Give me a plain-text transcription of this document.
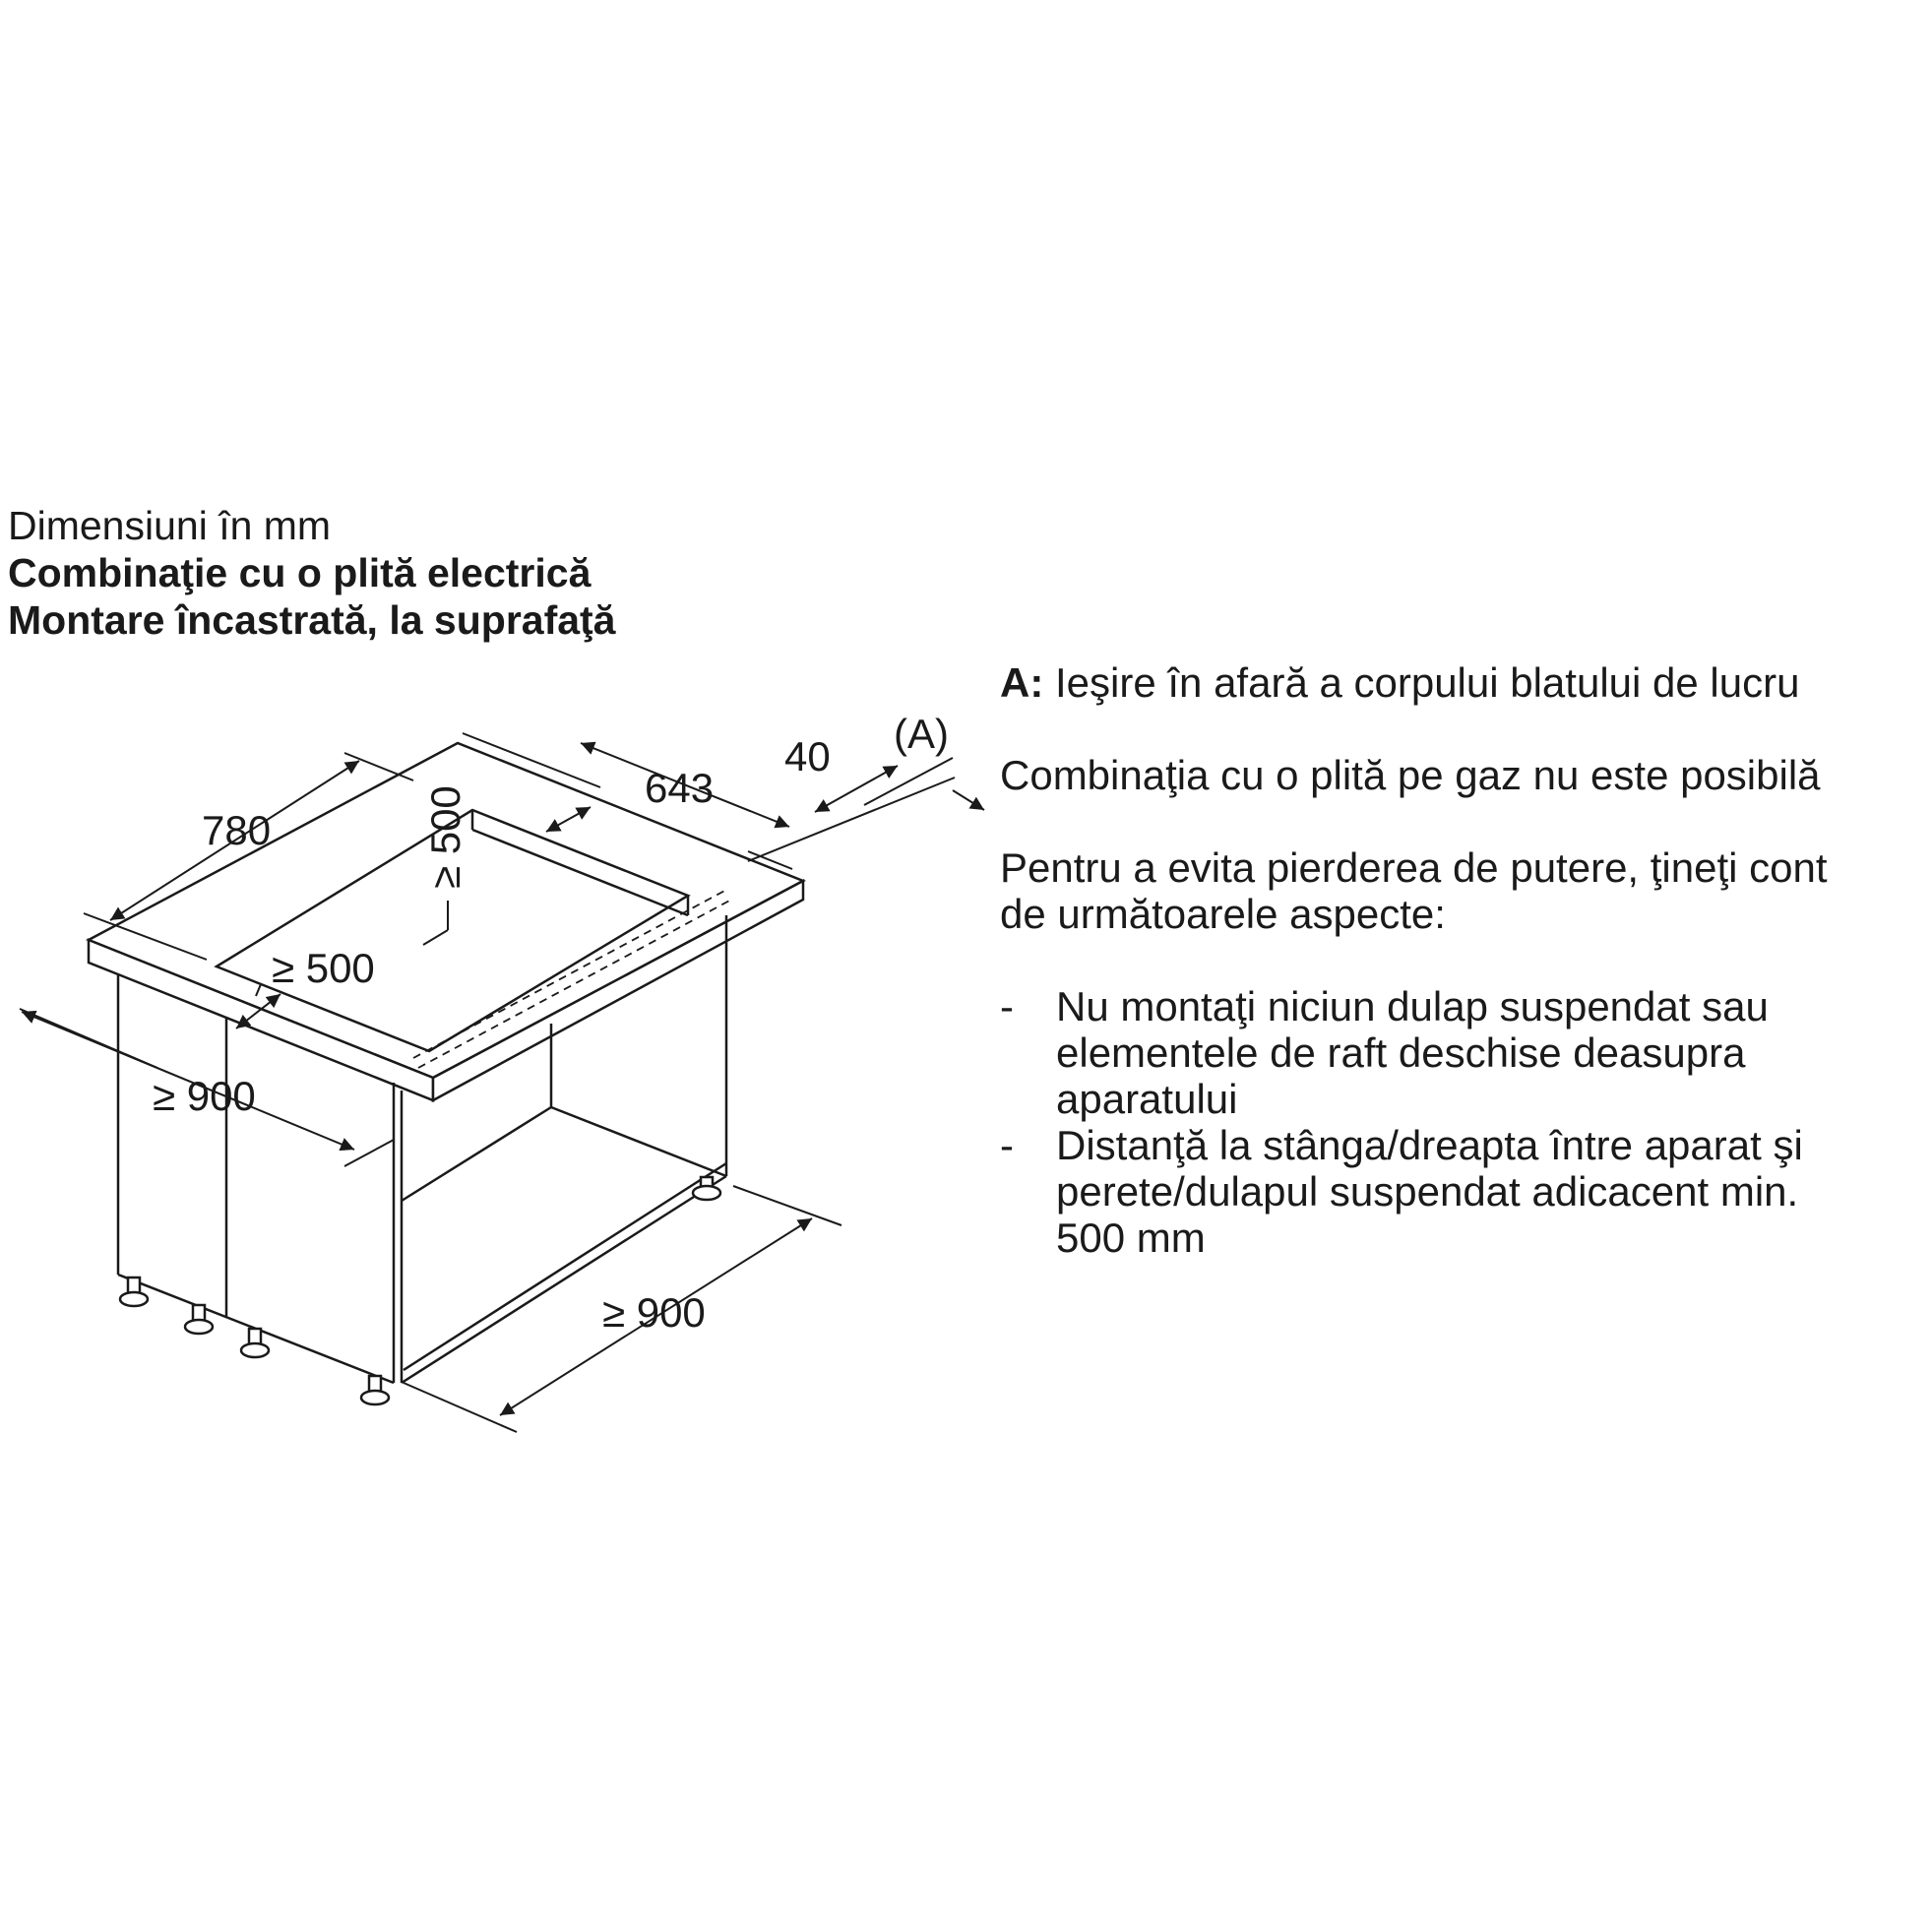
Dimensiuni în mm
Combinaţie cu o plită electrică
Montare încastrată, la suprafaţă
780
643
40 (A)
≥ 500
≥ 500
≥ 900
≥ 900

A: Ieşire în afară a corpului blatului de lucru

Combinaţia cu o plită pe gaz nu este posibilă

Pentru a evita pierderea de putere, ţineţi cont
de următoarele aspecte:

- Nu montaţi niciun dulap suspendat sau
elementele de raft deschise deasupra
aparatului
- Distanţă la stânga/dreapta între aparat şi
perete/dulapul suspendat adicacent min.
500 mm
